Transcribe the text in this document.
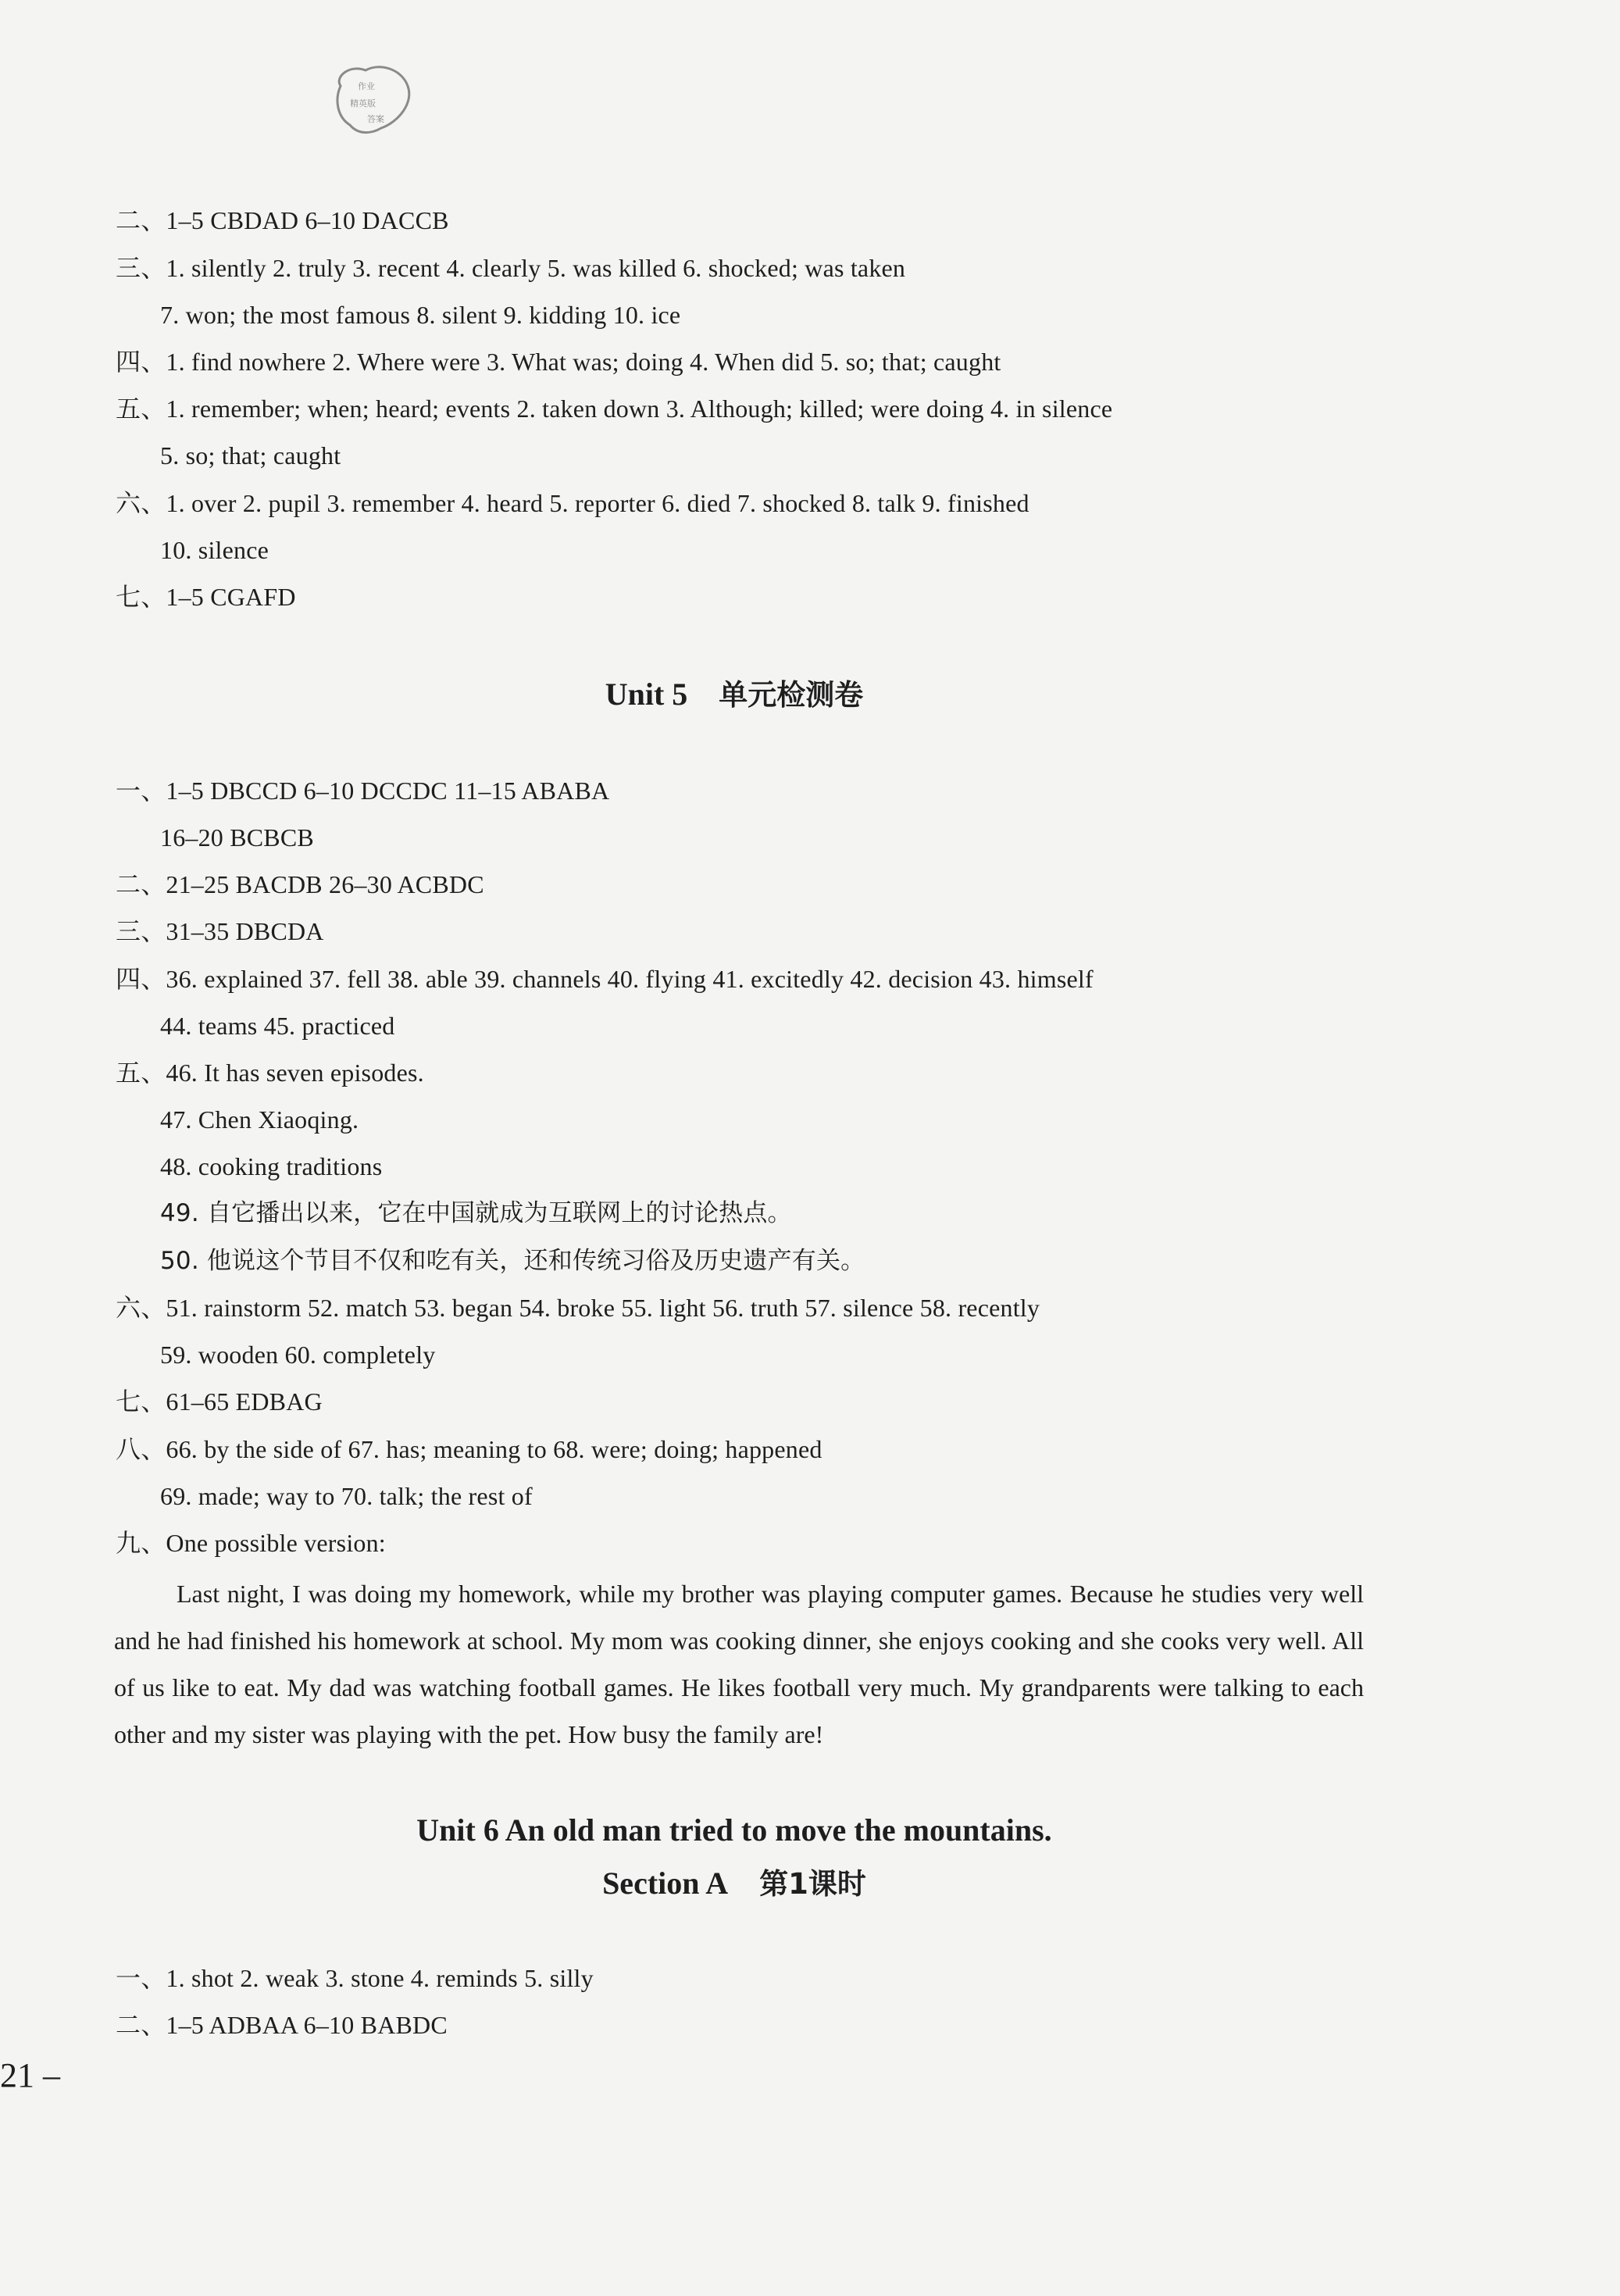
作业
精英版
答案
二、1–5 CBDAD 6–10 DACCB
三、1. silently 2. truly 3. recent 4. clearly 5. was killed 6. shocked; was taken
7. won; the most famous 8. silent 9. kidding 10. ice
四、1. find nowhere 2. Where were 3. What was; doing 4. When did 5. so; that; caught
五、1. remember; when; heard; events 2. taken down 3. Although; killed; were doing 4. in silence
5. so; that; caught
六、1. over 2. pupil 3. remember 4. heard 5. reporter 6. died 7. shocked 8. talk 9. finished
10. silence
七、1–5 CGAFD
Unit 5 单元检测卷
一、1–5 DBCCD 6–10 DCCDC 11–15 ABABA
16–20 BCBCB
二、21–25 BACDB 26–30 ACBDC
三、31–35 DBCDA
四、36. explained 37. fell 38. able 39. channels 40. flying 41. excitedly 42. decision 43. himself
44. teams 45. practiced
五、46. It has seven episodes.
47. Chen Xiaoqing.
48. cooking traditions
49. 自它播出以来，它在中国就成为互联网上的讨论热点。
50. 他说这个节目不仅和吃有关，还和传统习俗及历史遗产有关。
六、51. rainstorm 52. match 53. began 54. broke 55. light 56. truth 57. silence 58. recently
59. wooden 60. completely
七、61–65 EDBAG
八、66. by the side of 67. has; meaning to 68. were; doing; happened
69. made; way to 70. talk; the rest of
九、One possible version:
Last night, I was doing my homework, while my brother was playing computer games. Because he studies very well and he had finished his homework at school. My mom was cooking dinner, she enjoys cooking and she cooks very well. All of us like to eat. My dad was watching football games. He likes football very much. My grandparents were talking to each other and my sister was playing with the pet. How busy the family are!
Unit 6 An old man tried to move the mountains.
Section A 第1课时
一、1. shot 2. weak 3. stone 4. reminds 5. silly
二、1–5 ADBAA 6–10 BABDC
21 –
